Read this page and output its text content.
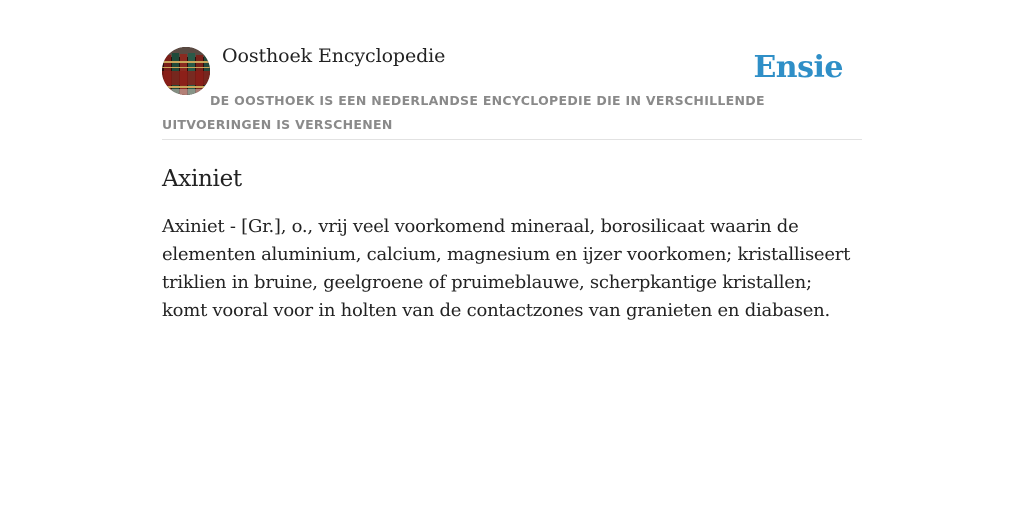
Oosthoek Encyclopedie	Ensie
DE OOSTHOEK IS EEN NEDERLANDSE ENCYCLOPEDIE DIE IN VERSCHILLENDE UITVOERINGEN IS VERSCHENEN
Axiniet

Axiniet - [Gr.], o., vrij veel voorkomend mineraal, borosilicaat waarin de elementen aluminium, calcium, magnesium en ijzer voorkomen; kristalliseert triklien in bruine, geelgroene of pruimeblauwe, scherpkantige kristallen; komt vooral voor in holten van de contactzones van granieten en diabasen.
